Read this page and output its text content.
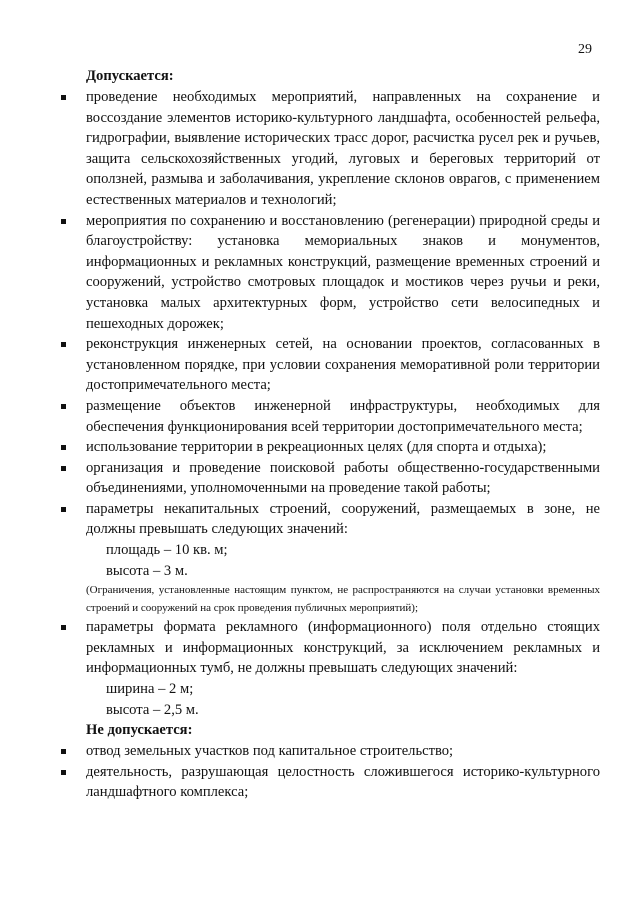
29
Допускается:
проведение необходимых мероприятий, направленных на сохранение и воссоздание элементов историко-культурного ландшафта, особенностей рельефа, гидрографии, выявление исторических трасс дорог, расчистка русел рек и ручьев, защита сельскохозяйственных угодий, луговых и береговых территорий от оползней, размыва и заболачивания, укрепление склонов оврагов, с применением естественных материалов и технологий;
мероприятия по сохранению и восстановлению (регенерации) природной среды и благоустройству: установка мемориальных знаков и монументов, информационных и рекламных конструкций, размещение временных строений и сооружений, устройство смотровых площадок и мостиков через ручьи и реки, установка малых архитектурных форм, устройство сети велосипедных и пешеходных дорожек;
реконструкция инженерных сетей, на основании проектов, согласованных в установленном порядке, при условии сохранения меморативной роли территории достопримечательного места;
размещение объектов инженерной инфраструктуры, необходимых для обеспечения функционирования всей территории достопримечательного места;
использование территории в рекреационных целях (для спорта и отдыха);
организация и проведение поисковой работы общественно-государственными объединениями, уполномоченными на проведение такой работы;
параметры некапитальных строений, сооружений, размещаемых в зоне, не должны превышать следующих значений:
площадь – 10 кв. м;
высота – 3 м.
(Ограничения, установленные настоящим пунктом, не распространяются на случаи установки временных строений и сооружений на срок проведения публичных мероприятий);
параметры формата рекламного (информационного) поля отдельно стоящих рекламных и информационных конструкций, за исключением рекламных и информационных тумб, не должны превышать следующих значений:
ширина – 2 м;
высота – 2,5 м.
Не допускается:
отвод земельных участков под капитальное строительство;
деятельность, разрушающая целостность сложившегося историко-культурного ландшафтного комплекса;
